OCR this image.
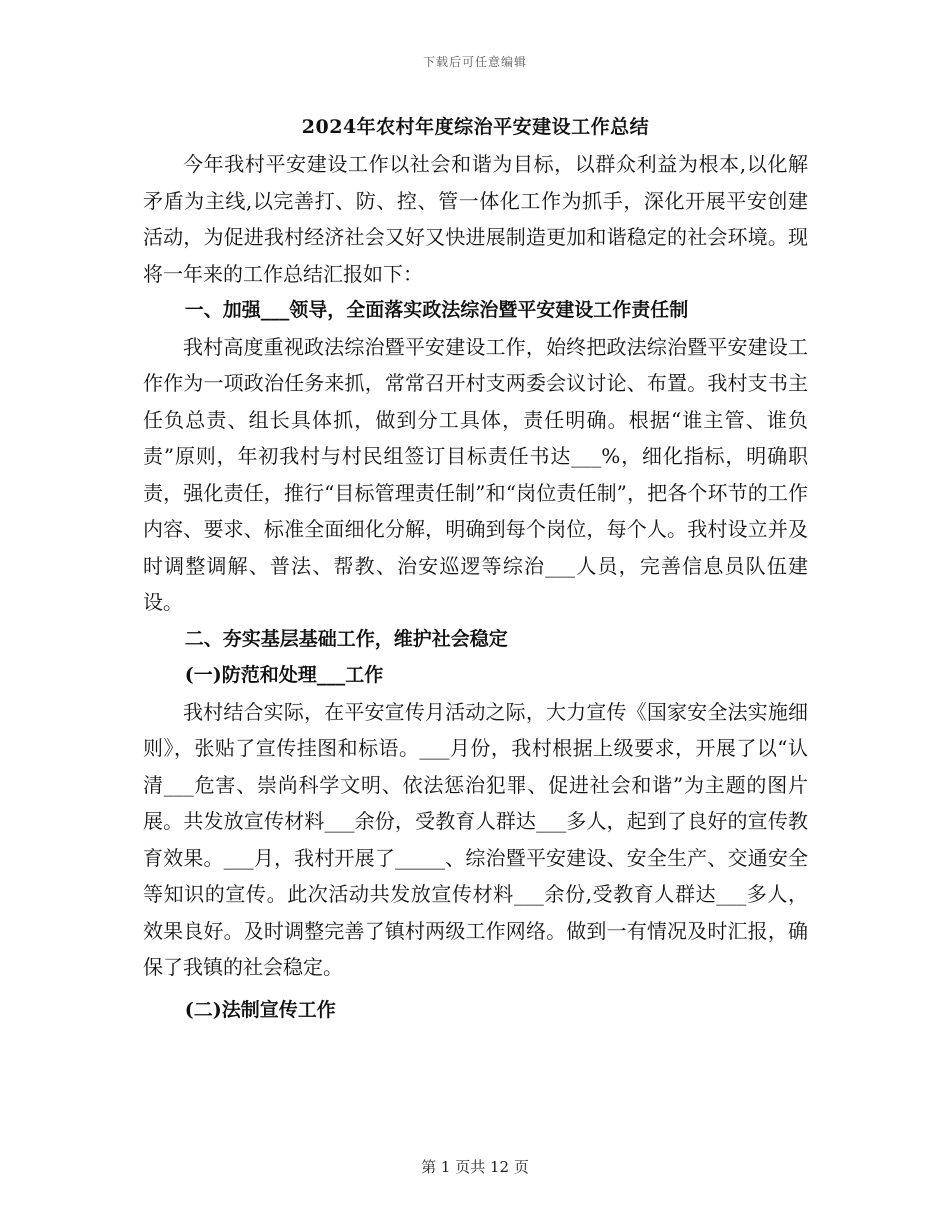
下载后可任意编辑
2024年农村年度综治平安建设工作总结

今年我村平安建设工作以社会和谐为目标，以群众利益为根本,以化解矛盾为主线,以完善打、防、控、管一体化工作为抓手，深化开展平安创建活动，为促进我村经济社会又好又快进展制造更加和谐稳定的社会环境。现将一年来的工作总结汇报如下：

一、加强___领导，全面落实政法综治暨平安建设工作责任制

我村高度重视政法综治暨平安建设工作，始终把政法综治暨平安建设工作作为一项政治任务来抓，常常召开村支两委会议讨论、布置。我村支书主任负总责、组长具体抓，做到分工具体，责任明确。根据“谁主管、谁负责”原则，年初我村与村民组签订目标责任书达___%，细化指标，明确职责，强化责任，推行“目标管理责任制”和“岗位责任制”，把各个环节的工作内容、要求、标准全面细化分解，明确到每个岗位，每个人。我村设立并及时调整调解、普法、帮教、治安巡逻等综治___人员，完善信息员队伍建设。

二、夯实基层基础工作，维护社会稳定

(一)防范和处理___工作

我村结合实际，在平安宣传月活动之际，大力宣传《国家安全法实施细则》，张贴了宣传挂图和标语。___月份，我村根据上级要求，开展了以“认清___危害、崇尚科学文明、依法惩治犯罪、促进社会和谐”为主题的图片展。共发放宣传材料___余份，受教育人群达___多人，起到了良好的宣传教育效果。___月，我村开展了_____、综治暨平安建设、安全生产、交通安全等知识的宣传。此次活动共发放宣传材料___余份,受教育人群达___多人，效果良好。及时调整完善了镇村两级工作网络。做到一有情况及时汇报，确保了我镇的社会稳定。

(二)法制宣传工作

第 1 页共 12 页
